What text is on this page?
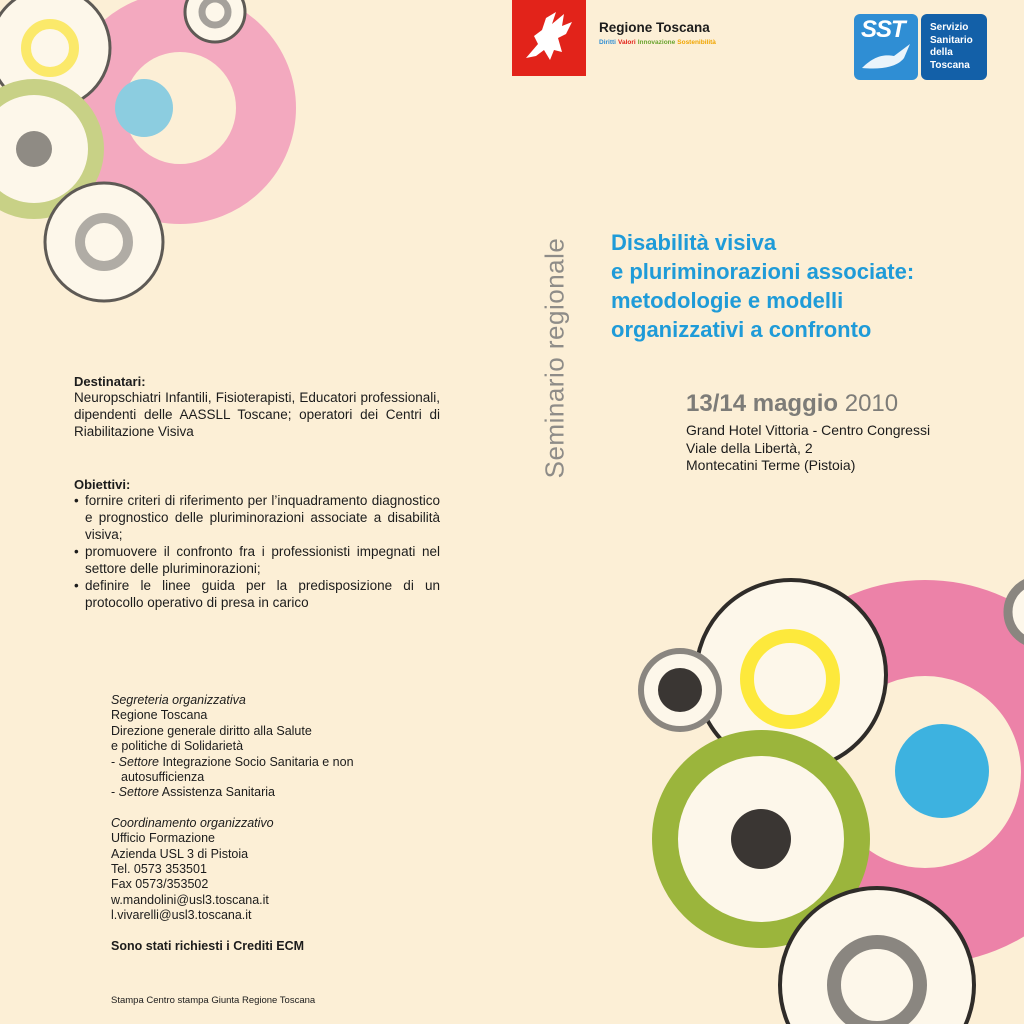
Regione Toscana
Diritti Valori Innovazione Sostenibilità	SST	Servizio
Sanitario
della
Toscana
Seminario regionale Disabilità visiva
e pluriminorazioni associate:
metodologie e modelli
organizzativi a confronto
13/14 maggio 2010
Grand Hotel Vittoria - Centro Congressi
Viale della Libertà, 2
Montecatini Terme (Pistoia)
Destinatari:
Neuropschiatri Infantili, Fisioterapisti, Educatori professionali, dipendenti delle AASSLL Toscane; operatori dei Centri di Riabilitazione Visiva
Obiettivi:
• fornire criteri di riferimento per l’inquadramento diagnostico e prognostico delle pluriminorazioni associate a disabilità visiva;
• promuovere il confronto fra i professionisti impegnati nel settore delle pluriminorazioni;
• definire le linee guida per la predisposizione di un protocollo operativo di presa in carico
Segreteria organizzativa
Regione Toscana
Direzione generale diritto alla Salute
e politiche di Solidarietà
- Settore Integrazione Socio Sanitaria e non
autosufficienza
- Settore Assistenza Sanitaria
Coordinamento organizzativo
Ufficio Formazione
Azienda USL 3 di Pistoia
Tel. 0573 353501
Fax 0573/353502
w.mandolini@usl3.toscana.it
l.vivarelli@usl3.toscana.it
Sono stati richiesti i Crediti ECM
Stampa Centro stampa Giunta Regione Toscana
